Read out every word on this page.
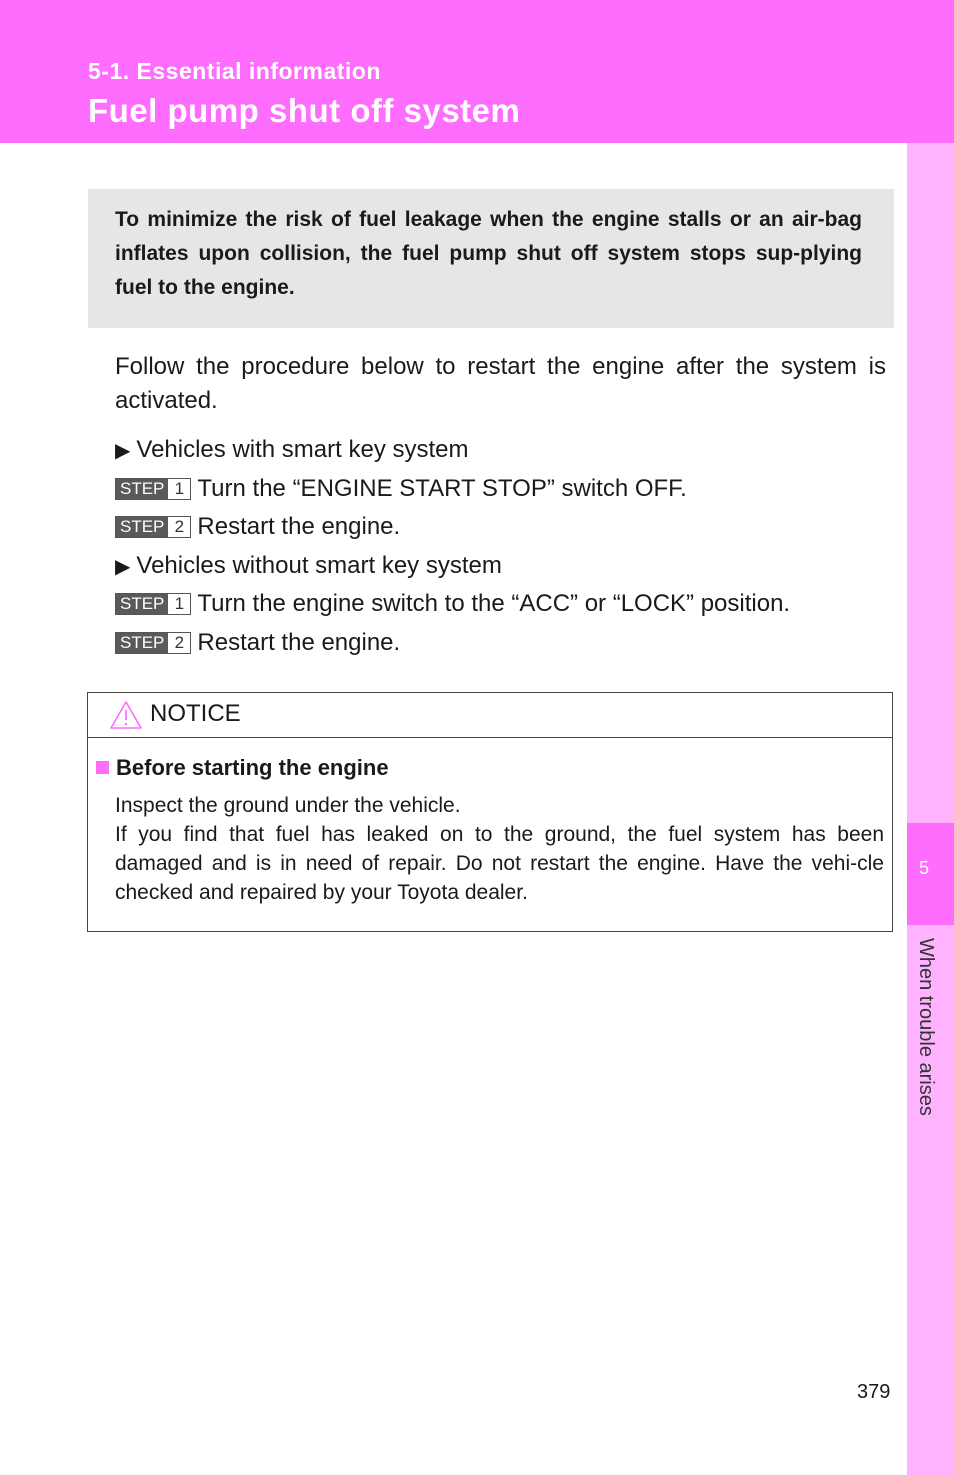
5-1. Essential information
Fuel pump shut off system
5
When trouble arises

To minimize the risk of fuel leakage when the engine stalls or an air-bag inflates upon collision, the fuel pump shut off system stops sup-plying fuel to the engine.

Follow the procedure below to restart the engine after the system is activated.

▶ Vehicles with smart key system
STEP 1 Turn the “ENGINE START STOP” switch OFF.
STEP 2 Restart the engine.
▶ Vehicles without smart key system
STEP 1 Turn the engine switch to the “ACC” or “LOCK” position.
STEP 2 Restart the engine.
NOTICE
Before starting the engine

Inspect the ground under the vehicle.
If you find that fuel has leaked on to the ground, the fuel system has been damaged and is in need of repair. Do not restart the engine. Have the vehi-cle checked and repaired by your Toyota dealer.

379
